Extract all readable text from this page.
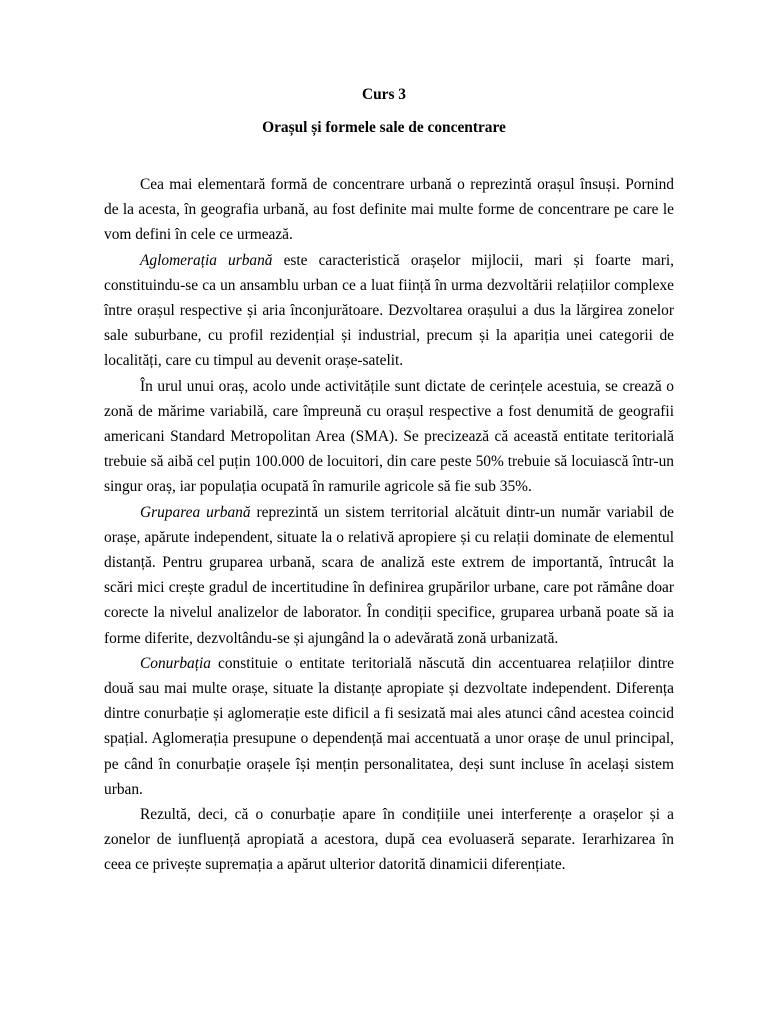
Curs 3
Orașul și formele sale de concentrare

Cea mai elementară formă de concentrare urbană o reprezintă orașul însuși. Pornind de la acesta, în geografia urbană, au fost definite mai multe forme de concentrare pe care le vom defini în cele ce urmează.

Aglomerația urbană este caracteristică orașelor mijlocii, mari și foarte mari, constituindu-se ca un ansamblu urban ce a luat ființă în urma dezvoltării relațiilor complexe între orașul respective și aria înconjurătoare. Dezvoltarea orașului a dus la lărgirea zonelor sale suburbane, cu profil rezidențial și industrial, precum și la apariția unei categorii de localități, care cu timpul au devenit orașe-satelit.

În urul unui oraș, acolo unde activitățile sunt dictate de cerințele acestuia, se crează o zonă de mărime variabilă, care împreună cu orașul respective a fost denumită de geografii americani Standard Metropolitan Area (SMA). Se precizează că această entitate teritorială trebuie să aibă cel puțin 100.000 de locuitori, din care peste 50% trebuie să locuiască într-un singur oraș, iar populația ocupată în ramurile agricole să fie sub 35%.

Gruparea urbană reprezintă un sistem territorial alcătuit dintr-un număr variabil de orașe, apărute independent, situate la o relativă apropiere și cu relații dominate de elementul distanță. Pentru gruparea urbană, scara de analiză este extrem de importantă, întrucât la scări mici crește gradul de incertitudine în definirea grupărilor urbane, care pot rămâne doar corecte la nivelul analizelor de laborator. În condiții specifice, gruparea urbană poate să ia forme diferite, dezvoltându-se și ajungând la o adevărată zonă urbanizată.

Conurbația constituie o entitate teritorială născută din accentuarea relațiilor dintre două sau mai multe orașe, situate la distanțe apropiate și dezvoltate independent. Diferența dintre conurbație și aglomerație este dificil a fi sesizată mai ales atunci când acestea coincid spațial. Aglomerația presupune o dependență mai accentuată a unor orașe de unul principal, pe când în conurbație orașele își mențin personalitatea, deși sunt incluse în același sistem urban.

Rezultă, deci, că o conurbație apare în condițiile unei interferențe a orașelor și a zonelor de iunfluență apropiată a acestora, după cea evoluaseră separate. Ierarhizarea în ceea ce privește supremația a apărut ulterior datorită dinamicii diferențiate.
